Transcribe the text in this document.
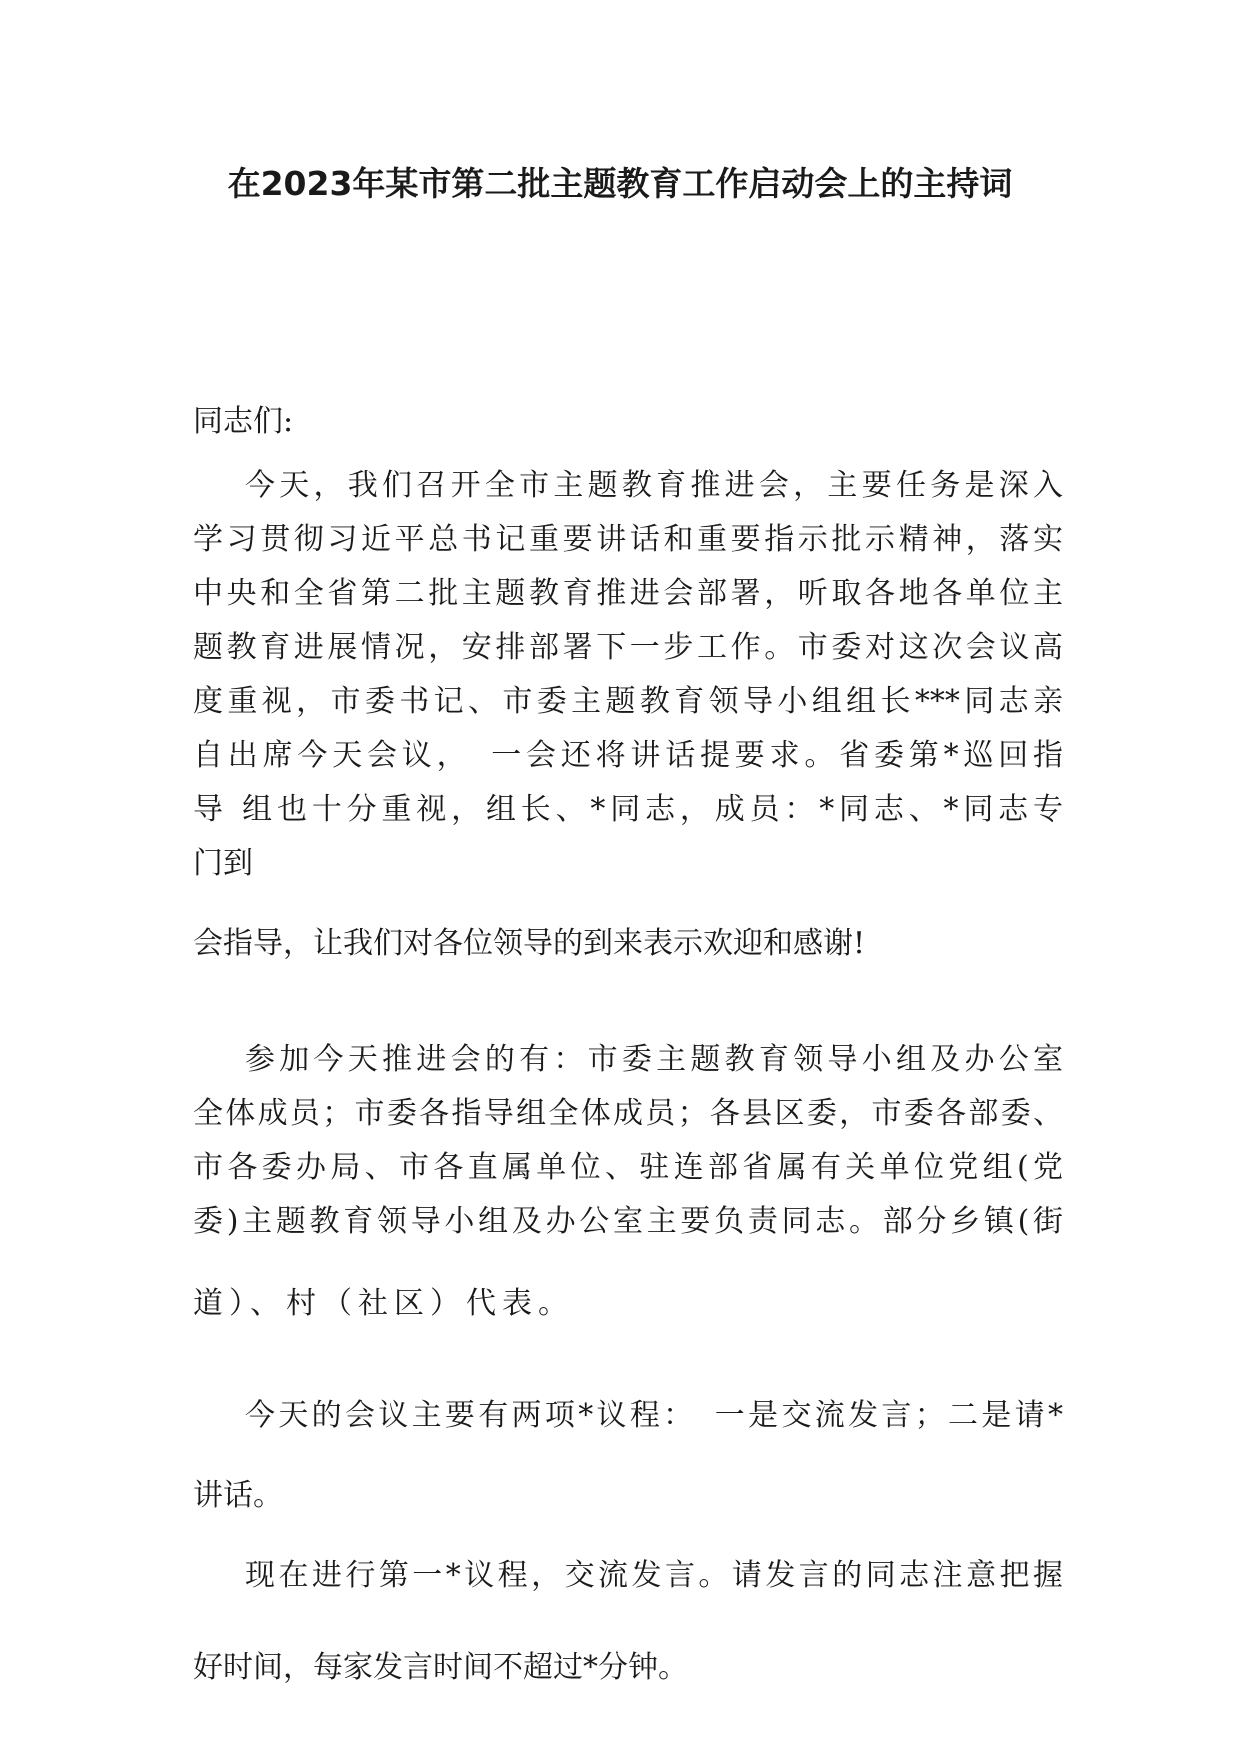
在2023年某市第二批主题教育工作启动会上的主持词

同志们:

今天，我们召开全市主题教育推进会，主要任务是深入

学习贯彻习近平总书记重要讲话和重要指示批示精神，落实

中央和全省第二批主题教育推进会部署，听取各地各单位主

题教育进展情况，安排部署下一步工作。市委对这次会议高

度重视，市委书记、市委主题教育领导小组组长***同志亲

自出席今天会议，　一会还将讲话提要求。省委第*巡回指

导 组也十分重视，组长、*同志，成员：*同志、*同志专

门到

会指导，让我们对各位领导的到来表示欢迎和感谢!

参加今天推进会的有：市委主题教育领导小组及办公室

全体成员；市委各指导组全体成员；各县区委，市委各部委、

市各委办局、市各直属单位、驻连部省属有关单位党组(党

委)主题教育领导小组及办公室主要负责同志。部分乡镇(街

道）、村（社区）代表。

今天的会议主要有两项*议程：　一是交流发言；二是请*

讲话。

现在进行第一*议程，交流发言。请发言的同志注意把握

好时间，每家发言时间不超过*分钟。
